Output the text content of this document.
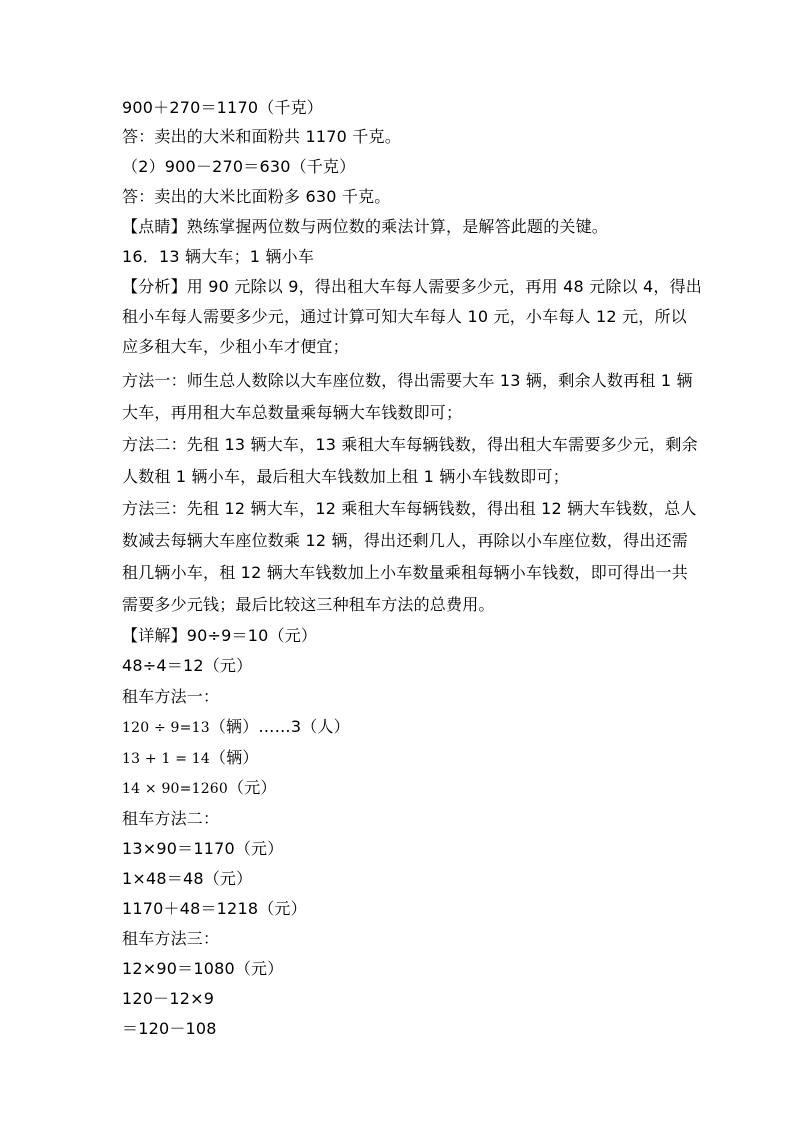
900＋270＝1170（千克）
答：卖出的大米和面粉共 1170 千克。
（2）900－270＝630（千克）
答：卖出的大米比面粉多 630 千克。
【点睛】熟练掌握两位数与两位数的乘法计算，是解答此题的关键。
16．13 辆大车；1 辆小车
【分析】用 90 元除以 9，得出租大车每人需要多少元，再用 48 元除以 4，得出
租小车每人需要多少元，通过计算可知大车每人 10 元，小车每人 12 元，所以
应多租大车，少租小车才便宜；
方法一：师生总人数除以大车座位数，得出需要大车 13 辆，剩余人数再租 1 辆
大车，再用租大车总数量乘每辆大车钱数即可；
方法二：先租 13 辆大车，13 乘租大车每辆钱数，得出租大车需要多少元，剩余
人数租 1 辆小车，最后租大车钱数加上租 1 辆小车钱数即可；
方法三：先租 12 辆大车，12 乘租大车每辆钱数，得出租 12 辆大车钱数，总人
数减去每辆大车座位数乘 12 辆，得出还剩几人，再除以小车座位数，得出还需
租几辆小车，租 12 辆大车钱数加上小车数量乘租每辆小车钱数，即可得出一共
需要多少元钱；最后比较这三种租车方法的总费用。
【详解】90÷9＝10（元）
48÷4＝12（元）
租车方法一：
120 ÷ 9=13（辆）……3（人）
13 + 1 = 14（辆）
14 × 90=1260（元）
租车方法二：
13×90＝1170（元）
1×48＝48（元）
1170＋48＝1218（元）
租车方法三：
12×90＝1080（元）
120－12×9
＝120－108
